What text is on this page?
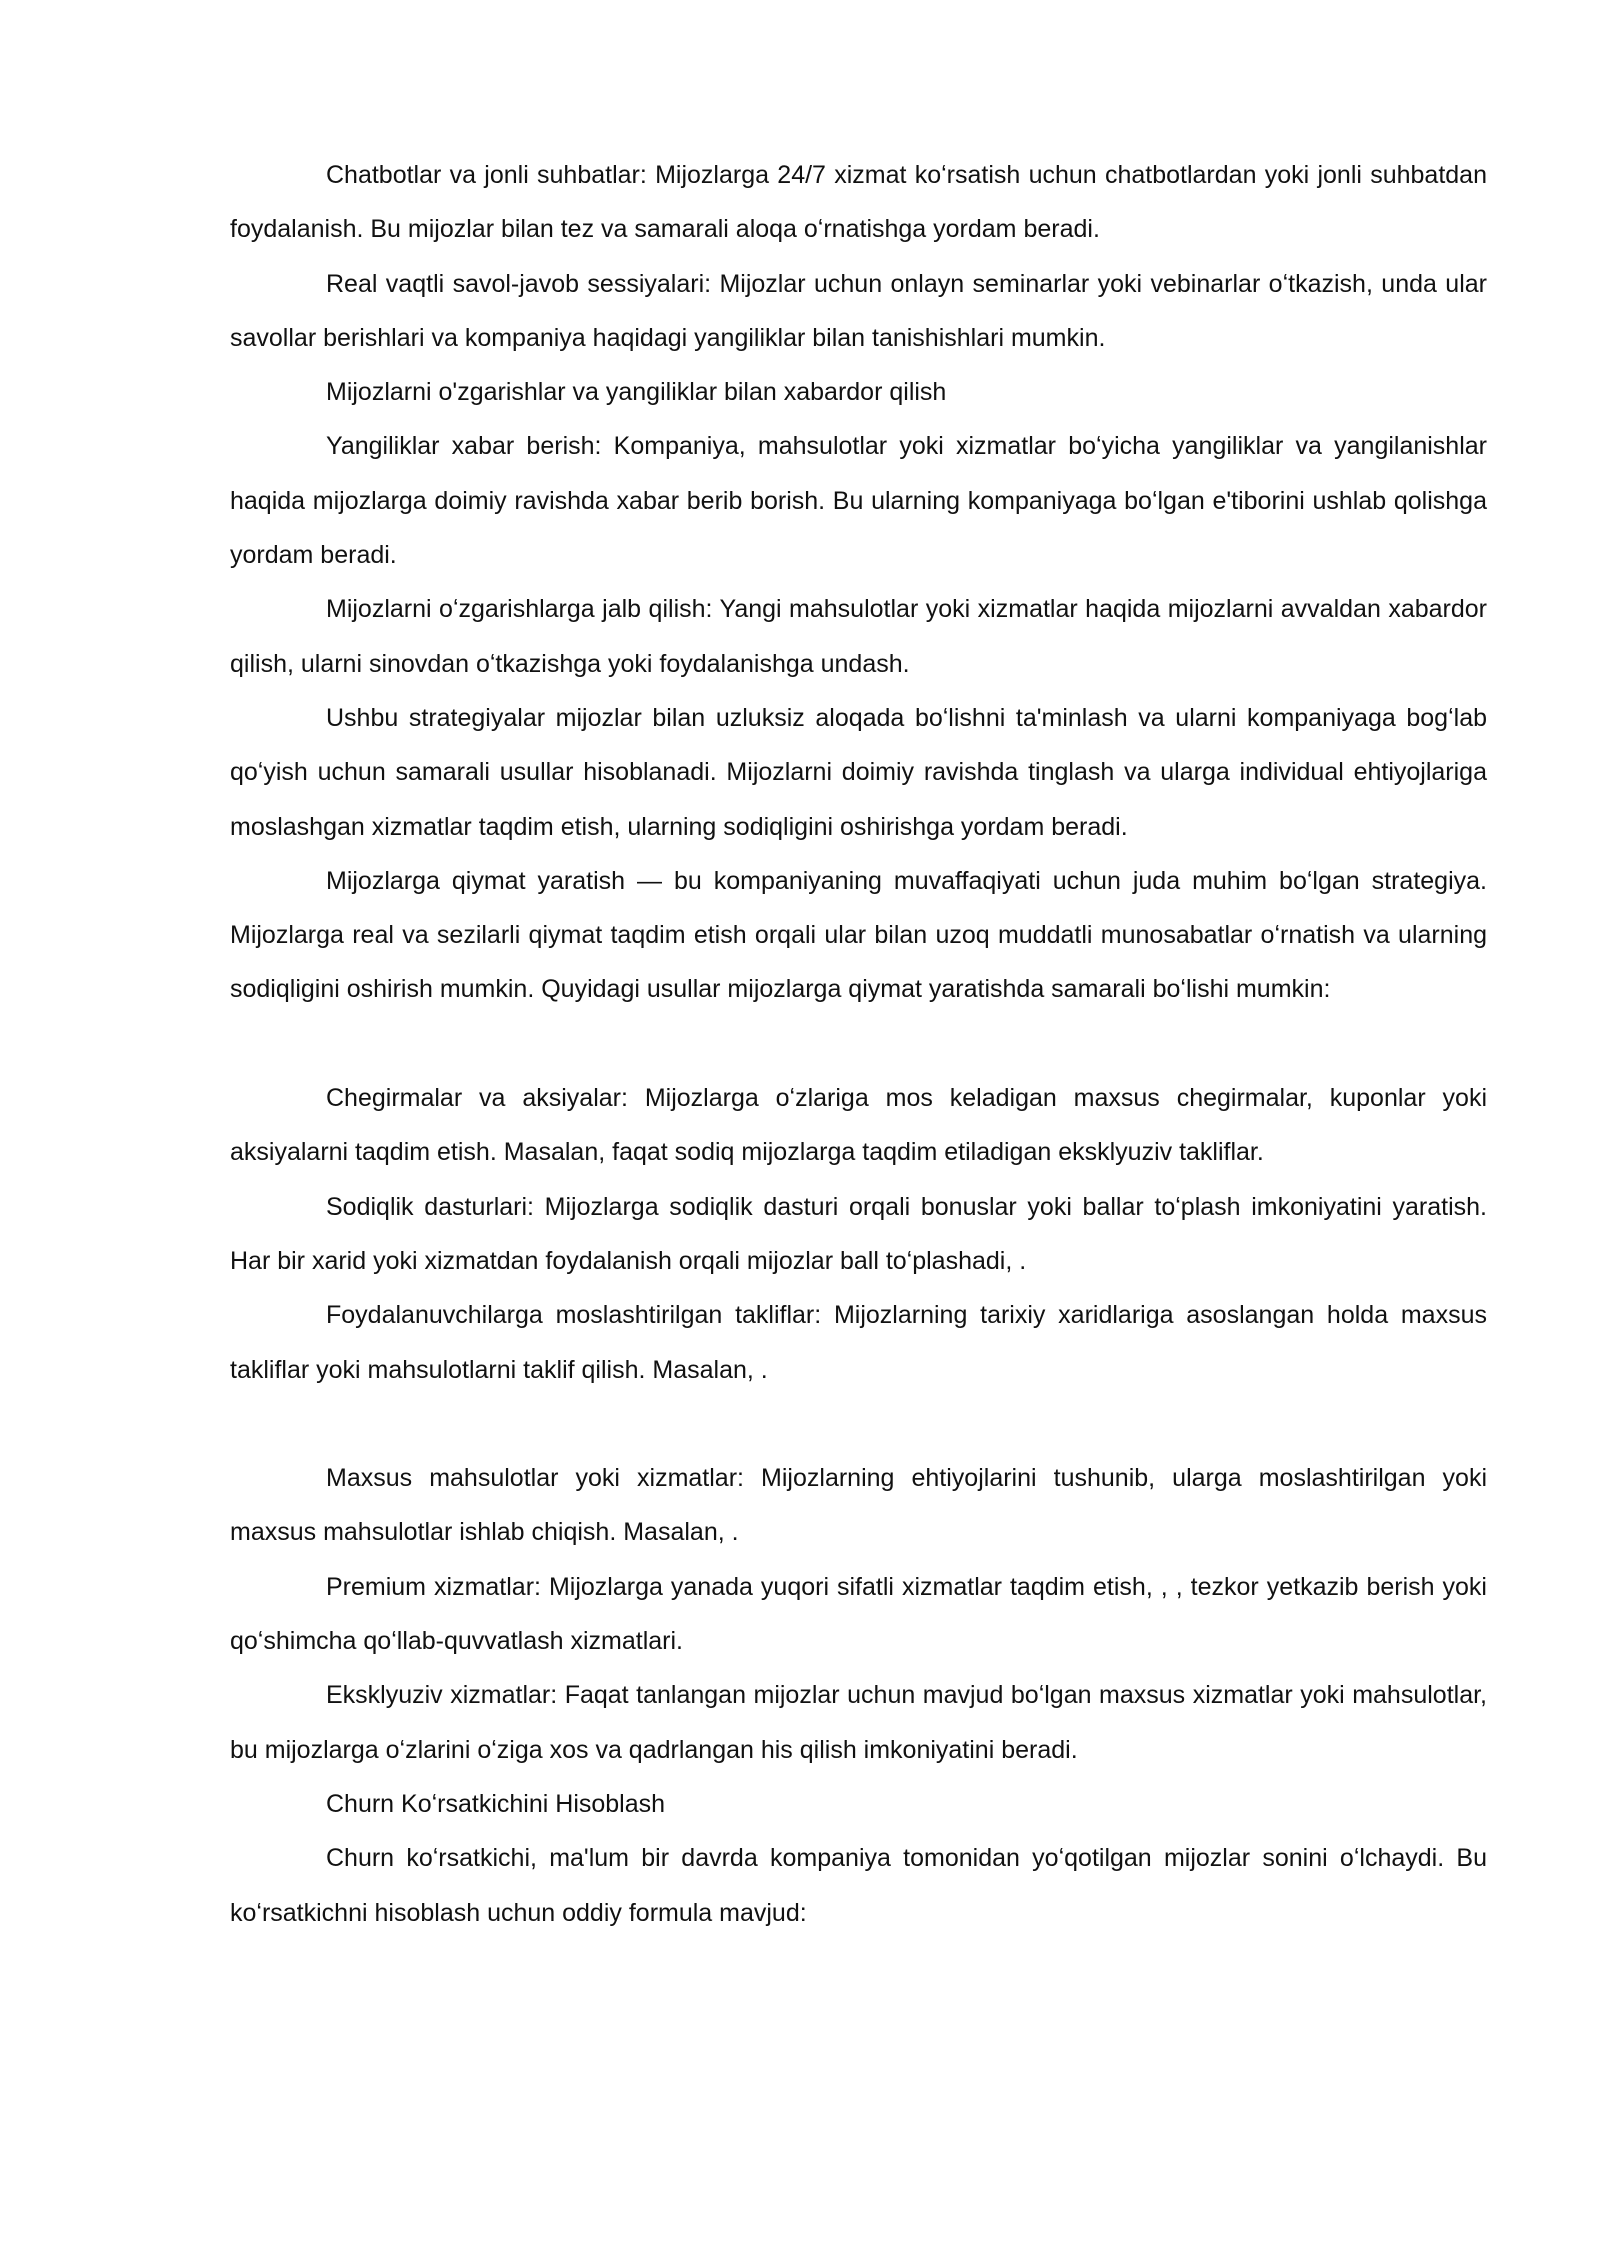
Chatbotlar va jonli suhbatlar: Mijozlarga 24/7 xizmat koʻrsatish uchun chatbotlardan yoki jonli suhbatdan foydalanish. Bu mijozlar bilan tez va samarali aloqa oʻrnatishga yordam beradi.

Real vaqtli savol-javob sessiyalari: Mijozlar uchun onlayn seminarlar yoki vebinarlar oʻtkazish, unda ular savollar berishlari va kompaniya haqidagi yangiliklar bilan tanishishlari mumkin.

Mijozlarni o'zgarishlar va yangiliklar bilan xabardor qilish

Yangiliklar xabar berish: Kompaniya, mahsulotlar yoki xizmatlar boʻyicha yangiliklar va yangilanishlar haqida mijozlarga doimiy ravishda xabar berib borish. Bu ularning kompaniyaga boʻlgan e'tiborini ushlab qolishga yordam beradi.

Mijozlarni oʻzgarishlarga jalb qilish: Yangi mahsulotlar yoki xizmatlar haqida mijozlarni avvaldan xabardor qilish, ularni sinovdan oʻtkazishga yoki foydalanishga undash.

Ushbu strategiyalar mijozlar bilan uzluksiz aloqada boʻlishni ta'minlash va ularni kompaniyaga bogʻlab qoʻyish uchun samarali usullar hisoblanadi. Mijozlarni doimiy ravishda tinglash va ularga individual ehtiyojlariga moslashgan xizmatlar taqdim etish, ularning sodiqligini oshirishga yordam beradi.

Mijozlarga qiymat yaratish — bu kompaniyaning muvaffaqiyati uchun juda muhim boʻlgan strategiya. Mijozlarga real va sezilarli qiymat taqdim etish orqali ular bilan uzoq muddatli munosabatlar oʻrnatish va ularning sodiqligini oshirish mumkin. Quyidagi usullar mijozlarga qiymat yaratishda samarali boʻlishi mumkin:

Chegirmalar va aksiyalar: Mijozlarga oʻzlariga mos keladigan maxsus chegirmalar, kuponlar yoki aksiyalarni taqdim etish. Masalan, faqat sodiq mijozlarga taqdim etiladigan eksklyuziv takliflar.

Sodiqlik dasturlari: Mijozlarga sodiqlik dasturi orqali bonuslar yoki ballar toʻplash imkoniyatini yaratish. Har bir xarid yoki xizmatdan foydalanish orqali mijozlar ball toʻplashadi, .

Foydalanuvchilarga moslashtirilgan takliflar: Mijozlarning tarixiy xaridlariga asoslangan holda maxsus takliflar yoki mahsulotlarni taklif qilish. Masalan, .

Maxsus mahsulotlar yoki xizmatlar: Mijozlarning ehtiyojlarini tushunib, ularga moslashtirilgan yoki maxsus mahsulotlar ishlab chiqish. Masalan, .

Premium xizmatlar: Mijozlarga yanada yuqori sifatli xizmatlar taqdim etish, , , tezkor yetkazib berish yoki qoʻshimcha qoʻllab-quvvatlash xizmatlari.

Eksklyuziv xizmatlar: Faqat tanlangan mijozlar uchun mavjud boʻlgan maxsus xizmatlar yoki mahsulotlar, bu mijozlarga oʻzlarini oʻziga xos va qadrlangan his qilish imkoniyatini beradi.

Churn Koʻrsatkichini Hisoblash

Churn koʻrsatkichi, ma'lum bir davrda kompaniya tomonidan yoʻqotilgan mijozlar sonini oʻlchaydi. Bu koʻrsatkichni hisoblash uchun oddiy formula mavjud:
